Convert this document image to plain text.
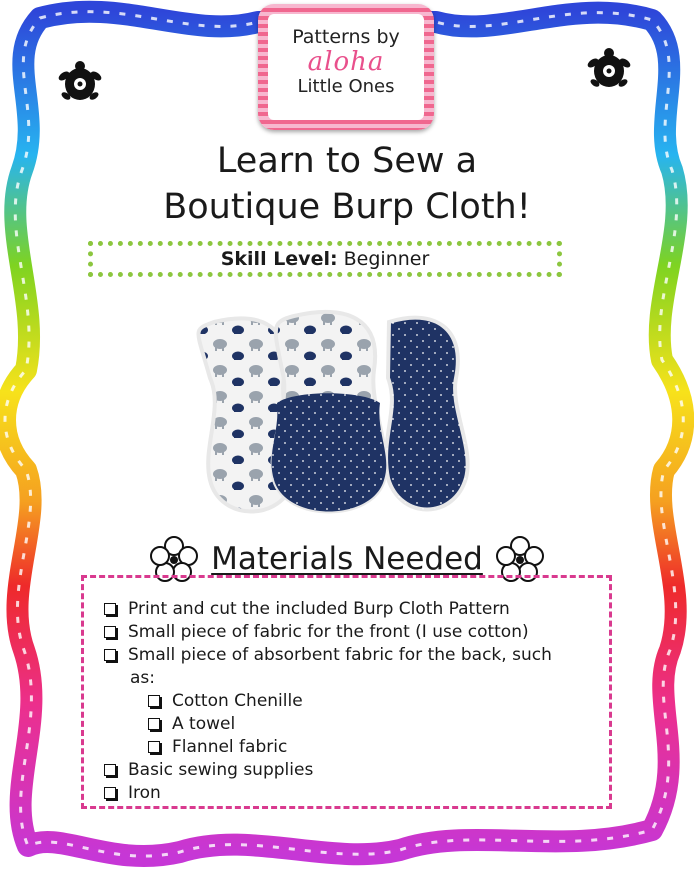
Patterns by
aloha
Little Ones
Learn to Sew a
Boutique Burp Cloth!
Skill Level: Beginner
Materials Needed
Print and cut the included Burp Cloth Pattern
Small piece of fabric for the front (I use cotton)
Small piece of absorbent fabric for the back, such
as:
Cotton Chenille
A towel
Flannel fabric
Basic sewing supplies
Iron
